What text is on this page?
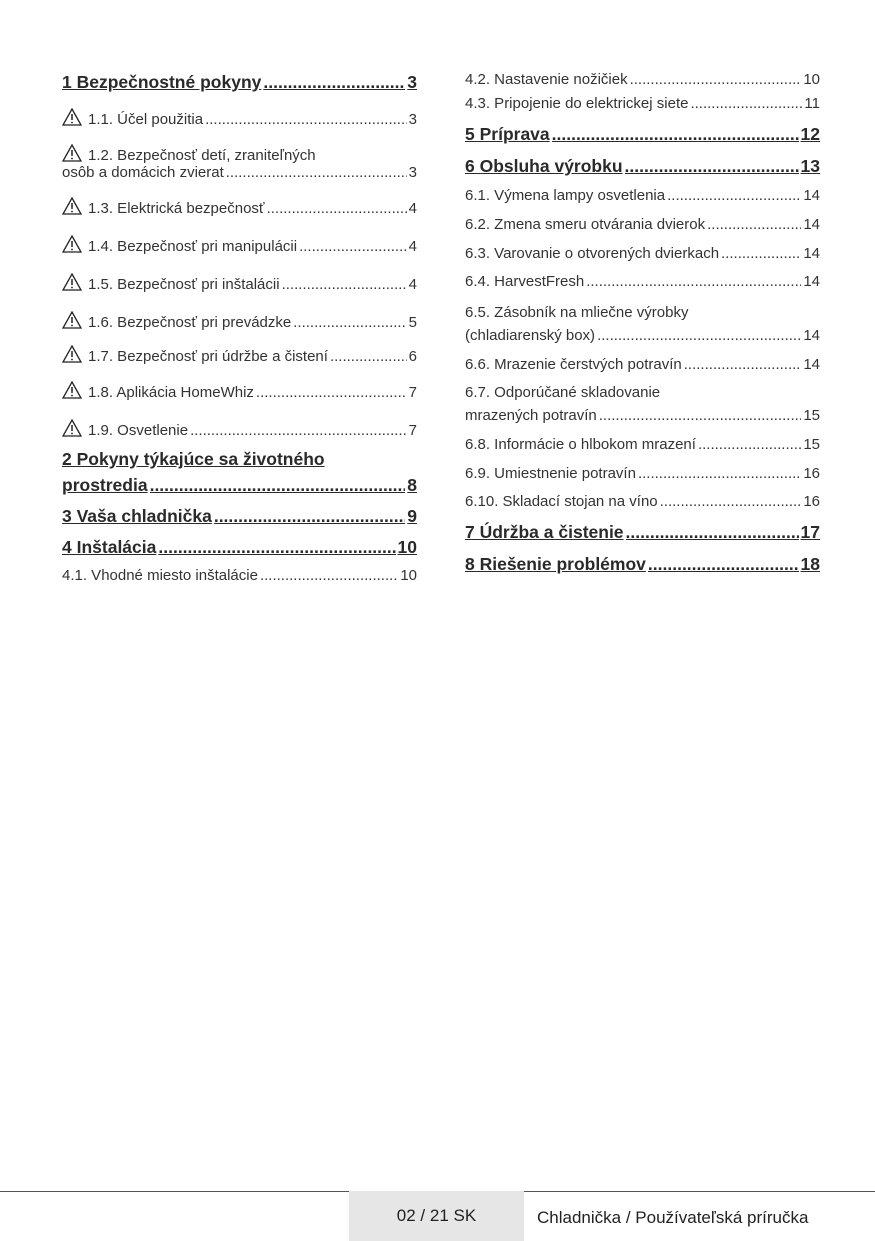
1 Bezpečnostné pokyny .....	3
1.1. Účel použitia .....	3
1.2. Bezpečnosť detí, zraniteľných
osôb a domácich zvierat .....	3
1.3. Elektrická bezpečnosť .....	4
1.4. Bezpečnosť pri manipulácii .....	4
1.5. Bezpečnosť pri inštalácii .....	4
1.6. Bezpečnosť pri prevádzke .....	5
1.7. Bezpečnosť pri údržbe a čistení .....	6
1.8. Aplikácia HomeWhiz .....	7
1.9. Osvetlenie .....	7
2 Pokyny týkajúce sa životného
prostredia .....	8
3 Vaša chladnička .....	9
4 Inštalácia .....	10
4.1. Vhodné miesto inštalácie .....	10
4.2. Nastavenie nožičiek .....	10
4.3. Pripojenie do elektrickej siete .....	11
5 Príprava .....	12
6 Obsluha výrobku .....	13
6.1. Výmena lampy osvetlenia .....	14
6.2. Zmena smeru otvárania dvierok .....	14
6.3. Varovanie o otvorených dvierkach .....	14
6.4. HarvestFresh .....	14
6.5. Zásobník na mliečne výrobky
(chladiarenský box) .....	14
6.6. Mrazenie čerstvých potravín .....	14
6.7. Odporúčané skladovanie
mrazených potravín .....	15
6.8. Informácie o hlbokom mrazení .....	15
6.9. Umiestnenie potravín .....	16
6.10. Skladací stojan na víno .....	16
7 Údržba a čistenie .....	17
8 Riešenie problémov .....	18
02 / 21 SK	Chladnička / Používateľská príručka
